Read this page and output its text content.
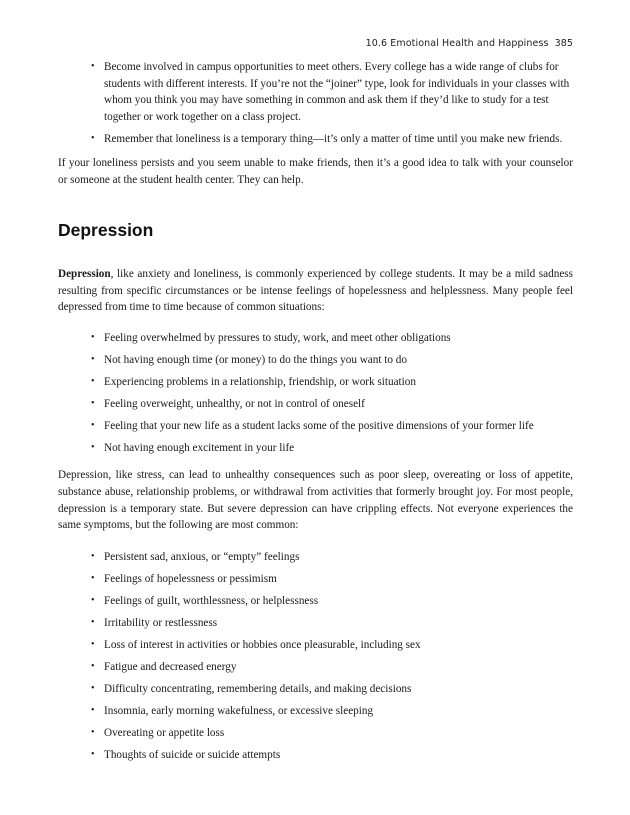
10.6 Emotional Health and Happiness 385
• Become involved in campus opportunities to meet others. Every college has a wide range of clubs for students with different interests. If you’re not the “joiner” type, look for individuals in your classes with whom you think you may have something in common and ask them if they’d like to study for a test together or work together on a class project.
• Remember that loneliness is a temporary thing—it’s only a matter of time until you make new friends.

If your loneliness persists and you seem unable to make friends, then it’s a good idea to talk with your counselor or someone at the student health center. They can help.

Depression

Depression, like anxiety and loneliness, is commonly experienced by college students. It may be a mild sadness resulting from specific circumstances or be intense feelings of hopelessness and helplessness. Many people feel depressed from time to time because of common situations:

• Feeling overwhelmed by pressures to study, work, and meet other obligations
• Not having enough time (or money) to do the things you want to do
• Experiencing problems in a relationship, friendship, or work situation
• Feeling overweight, unhealthy, or not in control of oneself
• Feeling that your new life as a student lacks some of the positive dimensions of your former life
• Not having enough excitement in your life

Depression, like stress, can lead to unhealthy consequences such as poor sleep, overeating or loss of appetite, substance abuse, relationship problems, or withdrawal from activities that formerly brought joy. For most people, depression is a temporary state. But severe depression can have crippling effects. Not everyone experiences the same symptoms, but the following are most common:

• Persistent sad, anxious, or “empty” feelings
• Feelings of hopelessness or pessimism
• Feelings of guilt, worthlessness, or helplessness
• Irritability or restlessness
• Loss of interest in activities or hobbies once pleasurable, including sex
• Fatigue and decreased energy
• Difficulty concentrating, remembering details, and making decisions
• Insomnia, early morning wakefulness, or excessive sleeping
• Overeating or appetite loss
• Thoughts of suicide or suicide attempts
